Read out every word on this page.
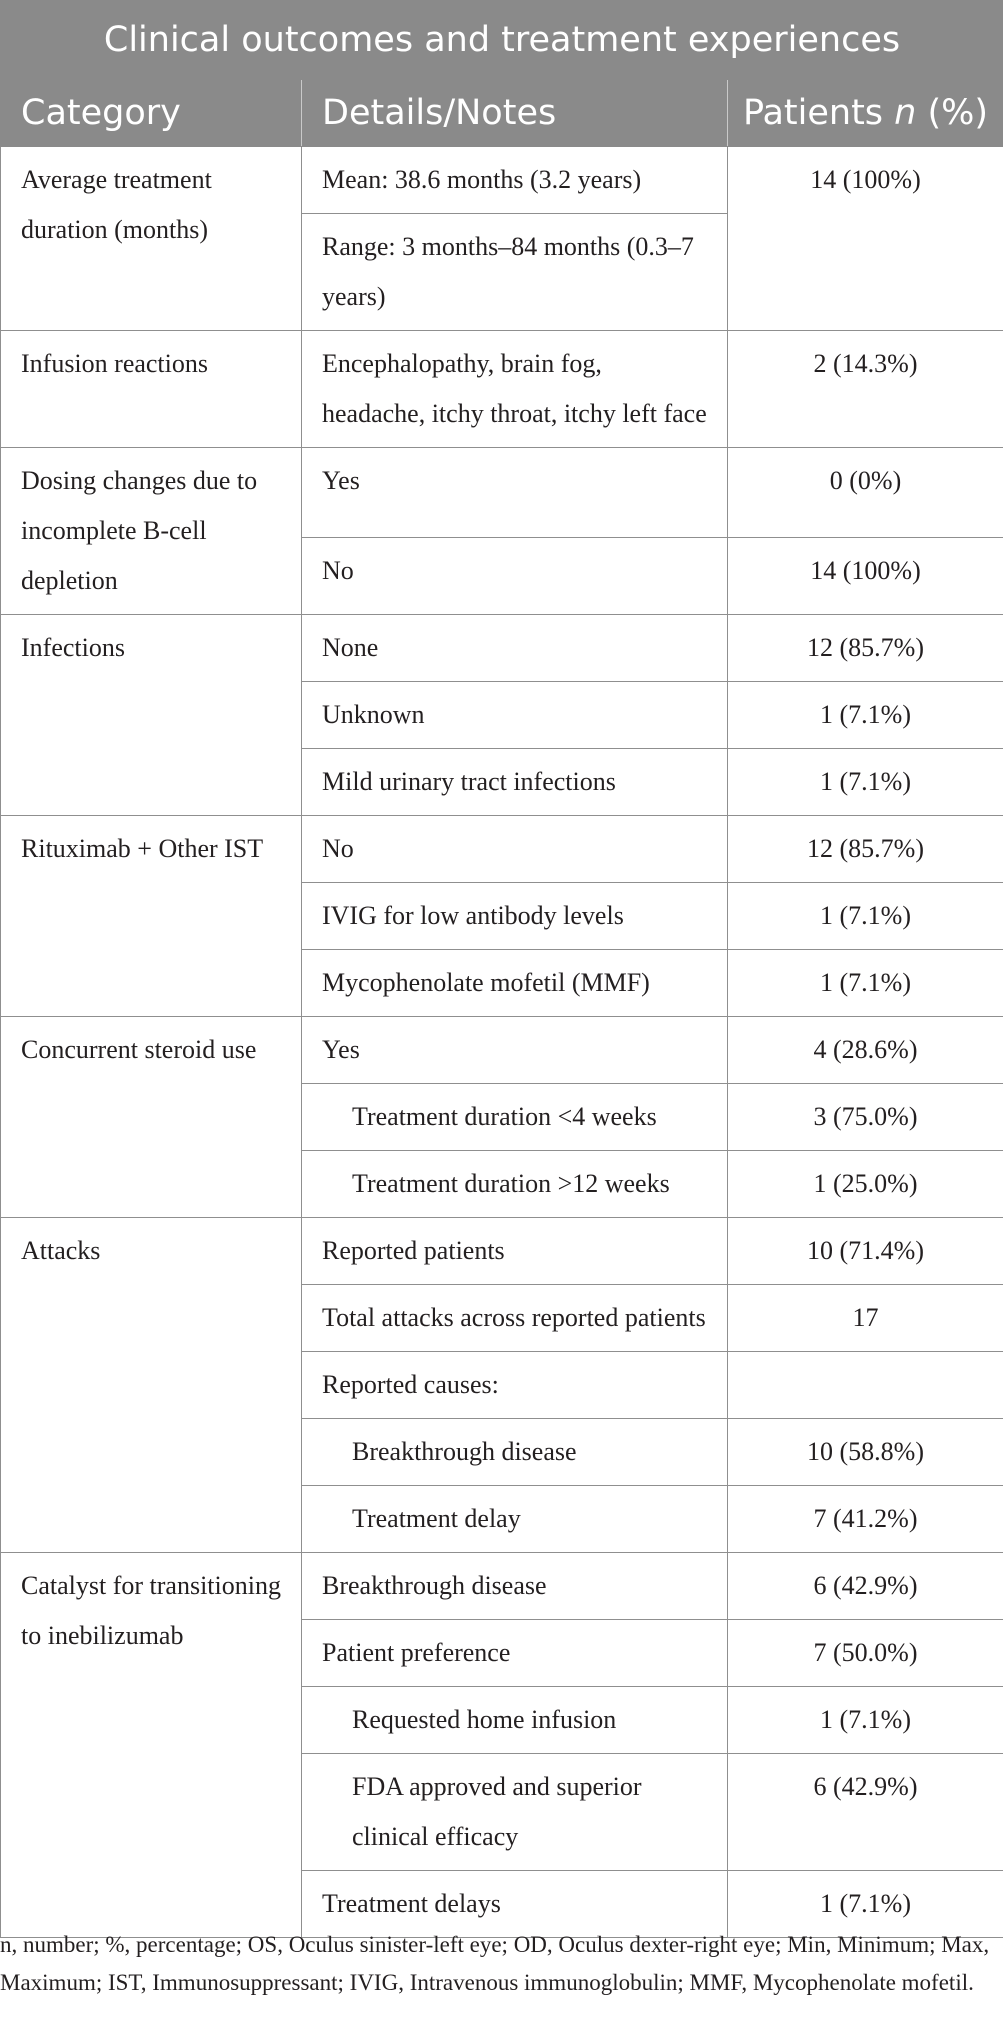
Clinical outcomes and treatment experiences		
Category	Details/Notes	Patients n (%)
Average treatment duration (months)	Mean: 38.6 months (3.2 years)	14 (100%)
	Range: 3 months–84 months (0.3–7 years)	
Infusion reactions	Encephalopathy, brain fog, headache, itchy throat, itchy left face	2 (14.3%)
Dosing changes due to incomplete B-cell depletion	Yes	0 (0%)
	No	14 (100%)
Infections	None	12 (85.7%)
	Unknown	1 (7.1%)
	Mild urinary tract infections	1 (7.1%)
Rituximab + Other IST	No	12 (85.7%)
	IVIG for low antibody levels	1 (7.1%)
	Mycophenolate mofetil (MMF)	1 (7.1%)
Concurrent steroid use	Yes	4 (28.6%)
	Treatment duration <4 weeks	3 (75.0%)
	Treatment duration >12 weeks	1 (25.0%)
Attacks	Reported patients	10 (71.4%)
	Total attacks across reported patients	17
	Reported causes:	
	Breakthrough disease	10 (58.8%)
	Treatment delay	7 (41.2%)
Catalyst for transitioning to inebilizumab	Breakthrough disease	6 (42.9%)
	Patient preference	7 (50.0%)
	Requested home infusion	1 (7.1%)
	FDA approved and superior clinical efficacy	6 (42.9%)
	Treatment delays	1 (7.1%)
n, number; %, percentage; OS, Oculus sinister-left eye; OD, Oculus dexter-right eye; Min, Minimum; Max, Maximum; IST, Immunosuppressant; IVIG, Intravenous immunoglobulin; MMF, Mycophenolate mofetil.
